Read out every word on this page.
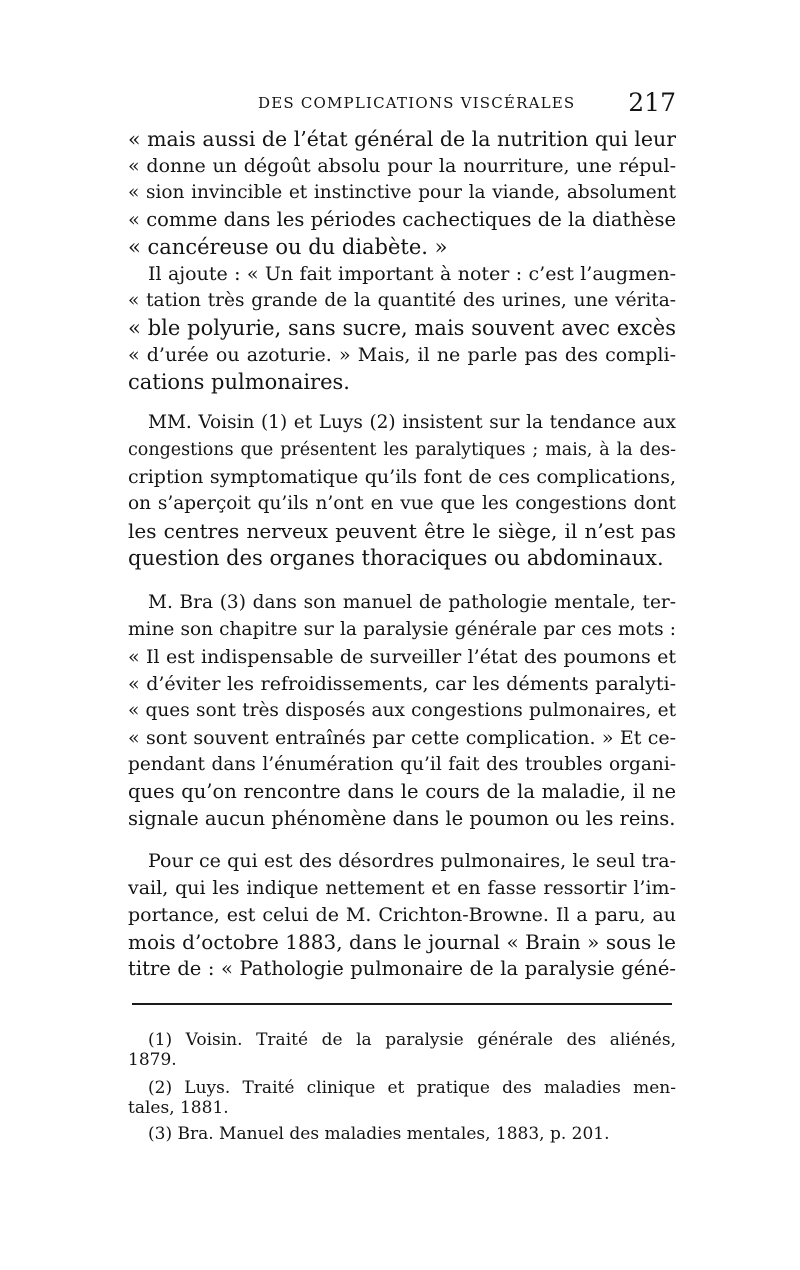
DES COMPLICATIONS VISCÉRALES 217
« mais aussi de l’état général de la nutrition qui leur
« donne un dégoût absolu pour la nourriture, une répul-
« sion invincible et instinctive pour la viande, absolument
« comme dans les périodes cachectiques de la diathèse
« cancéreuse ou du diabète. »
Il ajoute : « Un fait important à noter : c’est l’augmen-
« tation très grande de la quantité des urines, une vérita-
« ble polyurie, sans sucre, mais souvent avec excès
« d’urée ou azoturie. » Mais, il ne parle pas des compli-
cations pulmonaires.
MM. Voisin (1) et Luys (2) insistent sur la tendance aux
congestions que présentent les paralytiques ; mais, à la des-
cription symptomatique qu’ils font de ces complications,
on s’aperçoit qu’ils n’ont en vue que les congestions dont
les centres nerveux peuvent être le siège, il n’est pas
question des organes thoraciques ou abdominaux.
M. Bra (3) dans son manuel de pathologie mentale, ter-
mine son chapitre sur la paralysie générale par ces mots :
« Il est indispensable de surveiller l’état des poumons et
« d’éviter les refroidissements, car les déments paralyti-
« ques sont très disposés aux congestions pulmonaires, et
« sont souvent entraînés par cette complication. » Et ce-
pendant dans l’énumération qu’il fait des troubles organi-
ques qu’on rencontre dans le cours de la maladie, il ne
signale aucun phénomène dans le poumon ou les reins.
Pour ce qui est des désordres pulmonaires, le seul tra-
vail, qui les indique nettement et en fasse ressortir l’im-
portance, est celui de M. Crichton-Browne. Il a paru, au
mois d’octobre 1883, dans le journal « Brain » sous le
titre de : « Pathologie pulmonaire de la paralysie géné-
(1) Voisin. Traité de la paralysie générale des aliénés,
1879.
(2) Luys. Traité clinique et pratique des maladies men-
tales, 1881.
(3) Bra. Manuel des maladies mentales, 1883, p. 201.
